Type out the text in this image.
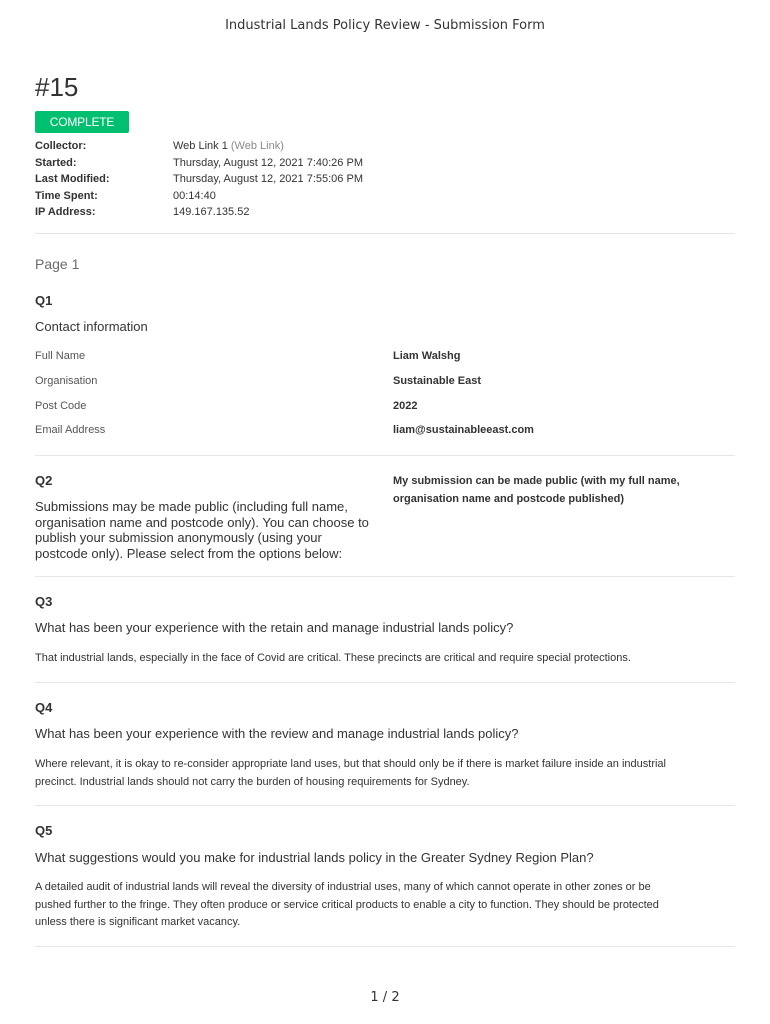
Industrial Lands Policy Review - Submission Form
#15
COMPLETE
Collector:	Web Link 1 (Web Link)
Started:	Thursday, August 12, 2021 7:40:26 PM
Last Modified:	Thursday, August 12, 2021 7:55:06 PM
Time Spent:	00:14:40
IP Address:	149.167.135.52
Page 1
Q1
Contact information
Full Name	Liam Walshg
Organisation	Sustainable East
Post Code	2022
Email Address	liam@sustainableeast.com
Q2
Submissions may be made public (including full name,
organisation name and postcode only). You can choose to
publish your submission anonymously (using your
postcode only). Please select from the options below:
My submission can be made public (with my full name,
organisation name and postcode published)
Q3
What has been your experience with the retain and manage industrial lands policy?
That industrial lands, especially in the face of Covid are critical. These precincts are critical and require special protections.
Q4
What has been your experience with the review and manage industrial lands policy?
Where relevant, it is okay to re-consider appropriate land uses, but that should only be if there is market failure inside an industrial
precinct. Industrial lands should not carry the burden of housing requirements for Sydney.
Q5
What suggestions would you make for industrial lands policy in the Greater Sydney Region Plan?
A detailed audit of industrial lands will reveal the diversity of industrial uses, many of which cannot operate in other zones or be
pushed further to the fringe. They often produce or service critical products to enable a city to function. They should be protected
unless there is significant market vacancy.
1 / 2
